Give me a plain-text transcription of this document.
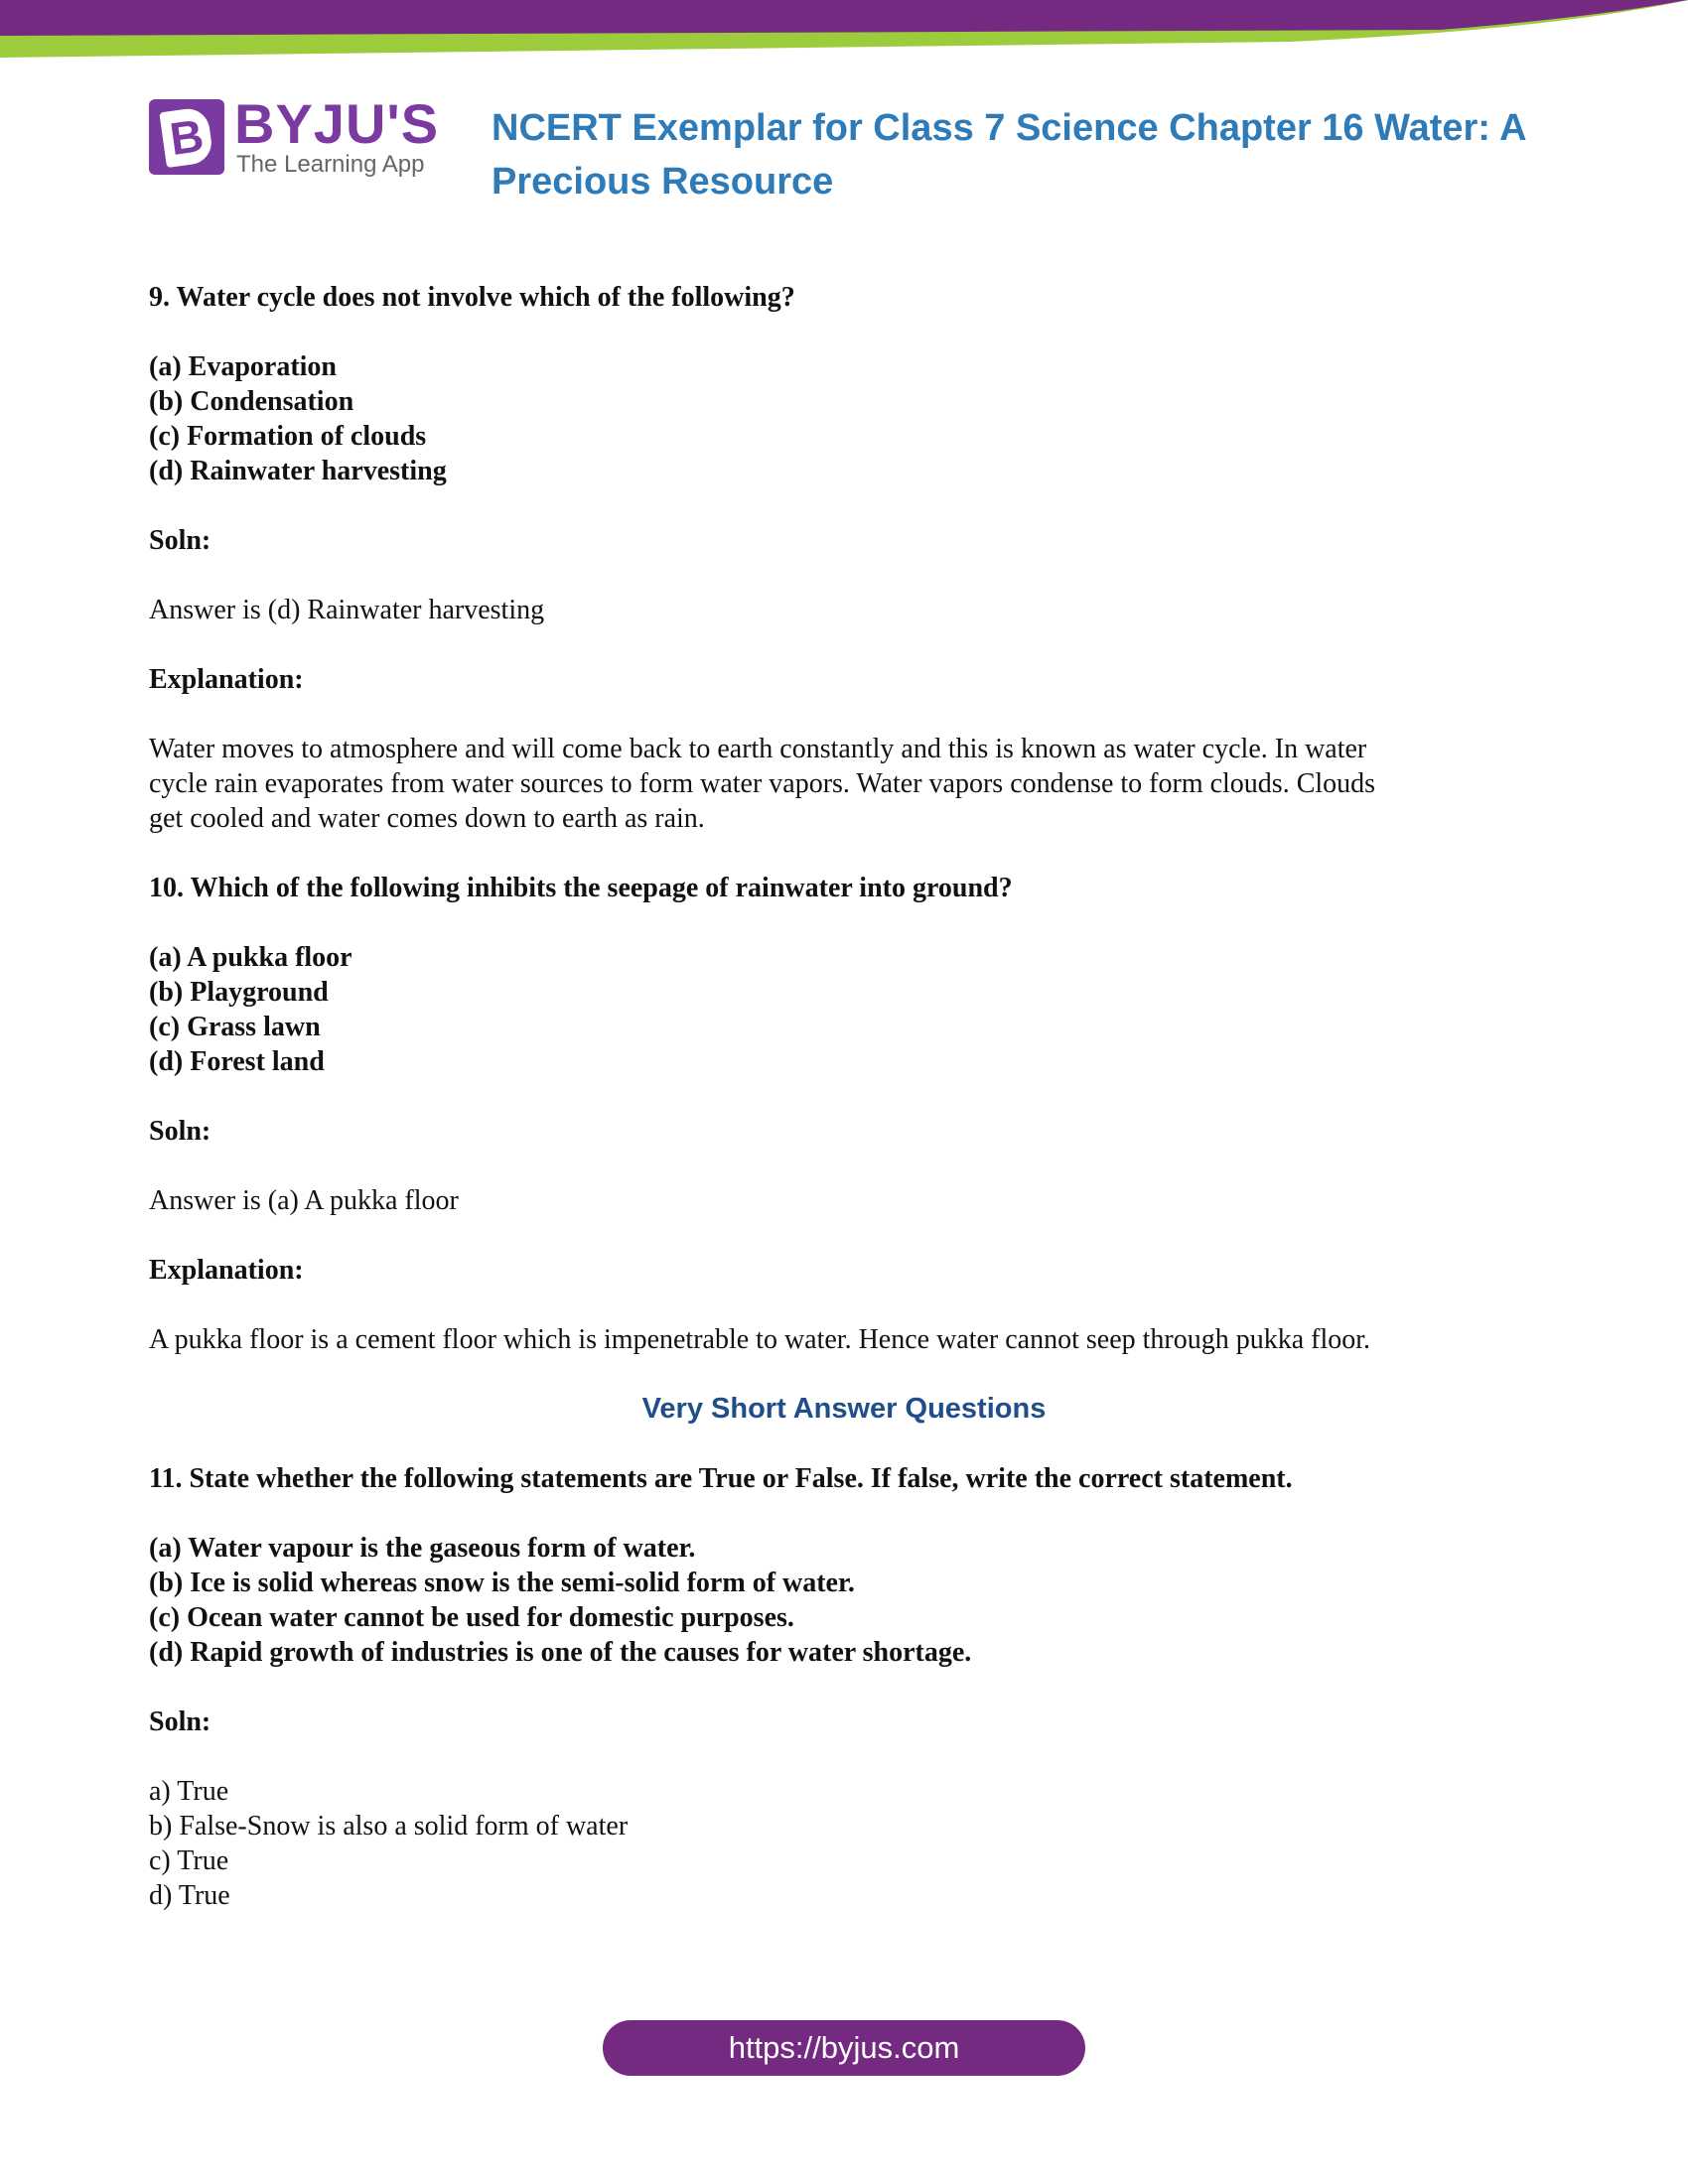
B BYJU'S
The Learning App
NCERT Exemplar for Class 7 Science Chapter 16 Water: A
Precious Resource

9. Water cycle does not involve which of the following?

(a) Evaporation

(b) Condensation

(c) Formation of clouds

(d) Rainwater harvesting

Soln:

Answer is (d) Rainwater harvesting

Explanation:

Water moves to atmosphere and will come back to earth constantly and this is known as water cycle. In water

cycle rain evaporates from water sources to form water vapors. Water vapors condense to form clouds. Clouds

get cooled and water comes down to earth as rain.

10. Which of the following inhibits the seepage of rainwater into ground?

(a) A pukka floor

(b) Playground

(c) Grass lawn

(d) Forest land

Soln:

Answer is (a) A pukka floor

Explanation:

A pukka floor is a cement floor which is impenetrable to water. Hence water cannot seep through pukka floor.

Very Short Answer Questions

11. State whether the following statements are True or False. If false, write the correct statement.

(a) Water vapour is the gaseous form of water.

(b) Ice is solid whereas snow is the semi-solid form of water.

(c) Ocean water cannot be used for domestic purposes.

(d) Rapid growth of industries is one of the causes for water shortage.

Soln:

a) True

b) False-Snow is also a solid form of water

c) True

d) True

https://byjus.com
